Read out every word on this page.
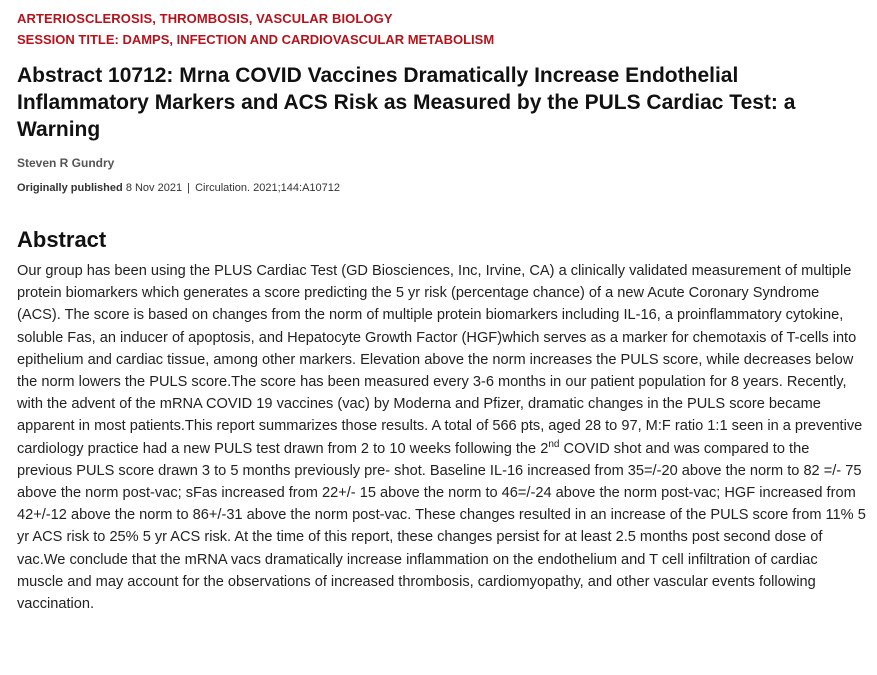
ARTERIOSCLEROSIS, THROMBOSIS, VASCULAR BIOLOGY
SESSION TITLE: DAMPS, INFECTION AND CARDIOVASCULAR METABOLISM
Abstract 10712: Mrna COVID Vaccines Dramatically Increase Endothelial Inflammatory Markers and ACS Risk as Measured by the PULS Cardiac Test: a Warning
Steven R Gundry
Originally published 8 Nov 2021 | Circulation. 2021;144:A10712
Abstract
Our group has been using the PLUS Cardiac Test (GD Biosciences, Inc, Irvine, CA) a clinically validated measurement of multiple protein biomarkers which generates a score predicting the 5 yr risk (percentage chance) of a new Acute Coronary Syndrome (ACS). The score is based on changes from the norm of multiple protein biomarkers including IL-16, a proinflammatory cytokine, soluble Fas, an inducer of apoptosis, and Hepatocyte Growth Factor (HGF)which serves as a marker for chemotaxis of T-cells into epithelium and cardiac tissue, among other markers. Elevation above the norm increases the PULS score, while decreases below the norm lowers the PULS score.The score has been measured every 3-6 months in our patient population for 8 years. Recently, with the advent of the mRNA COVID 19 vaccines (vac) by Moderna and Pfizer, dramatic changes in the PULS score became apparent in most patients.This report summarizes those results. A total of 566 pts, aged 28 to 97, M:F ratio 1:1 seen in a preventive cardiology practice had a new PULS test drawn from 2 to 10 weeks following the 2nd COVID shot and was compared to the previous PULS score drawn 3 to 5 months previously pre- shot. Baseline IL-16 increased from 35=/-20 above the norm to 82 =/- 75 above the norm post-vac; sFas increased from 22+/- 15 above the norm to 46=/-24 above the norm post-vac; HGF increased from 42+/-12 above the norm to 86+/-31 above the norm post-vac. These changes resulted in an increase of the PULS score from 11% 5 yr ACS risk to 25% 5 yr ACS risk. At the time of this report, these changes persist for at least 2.5 months post second dose of vac.We conclude that the mRNA vacs dramatically increase inflammation on the endothelium and T cell infiltration of cardiac muscle and may account for the observations of increased thrombosis, cardiomyopathy, and other vascular events following vaccination.
